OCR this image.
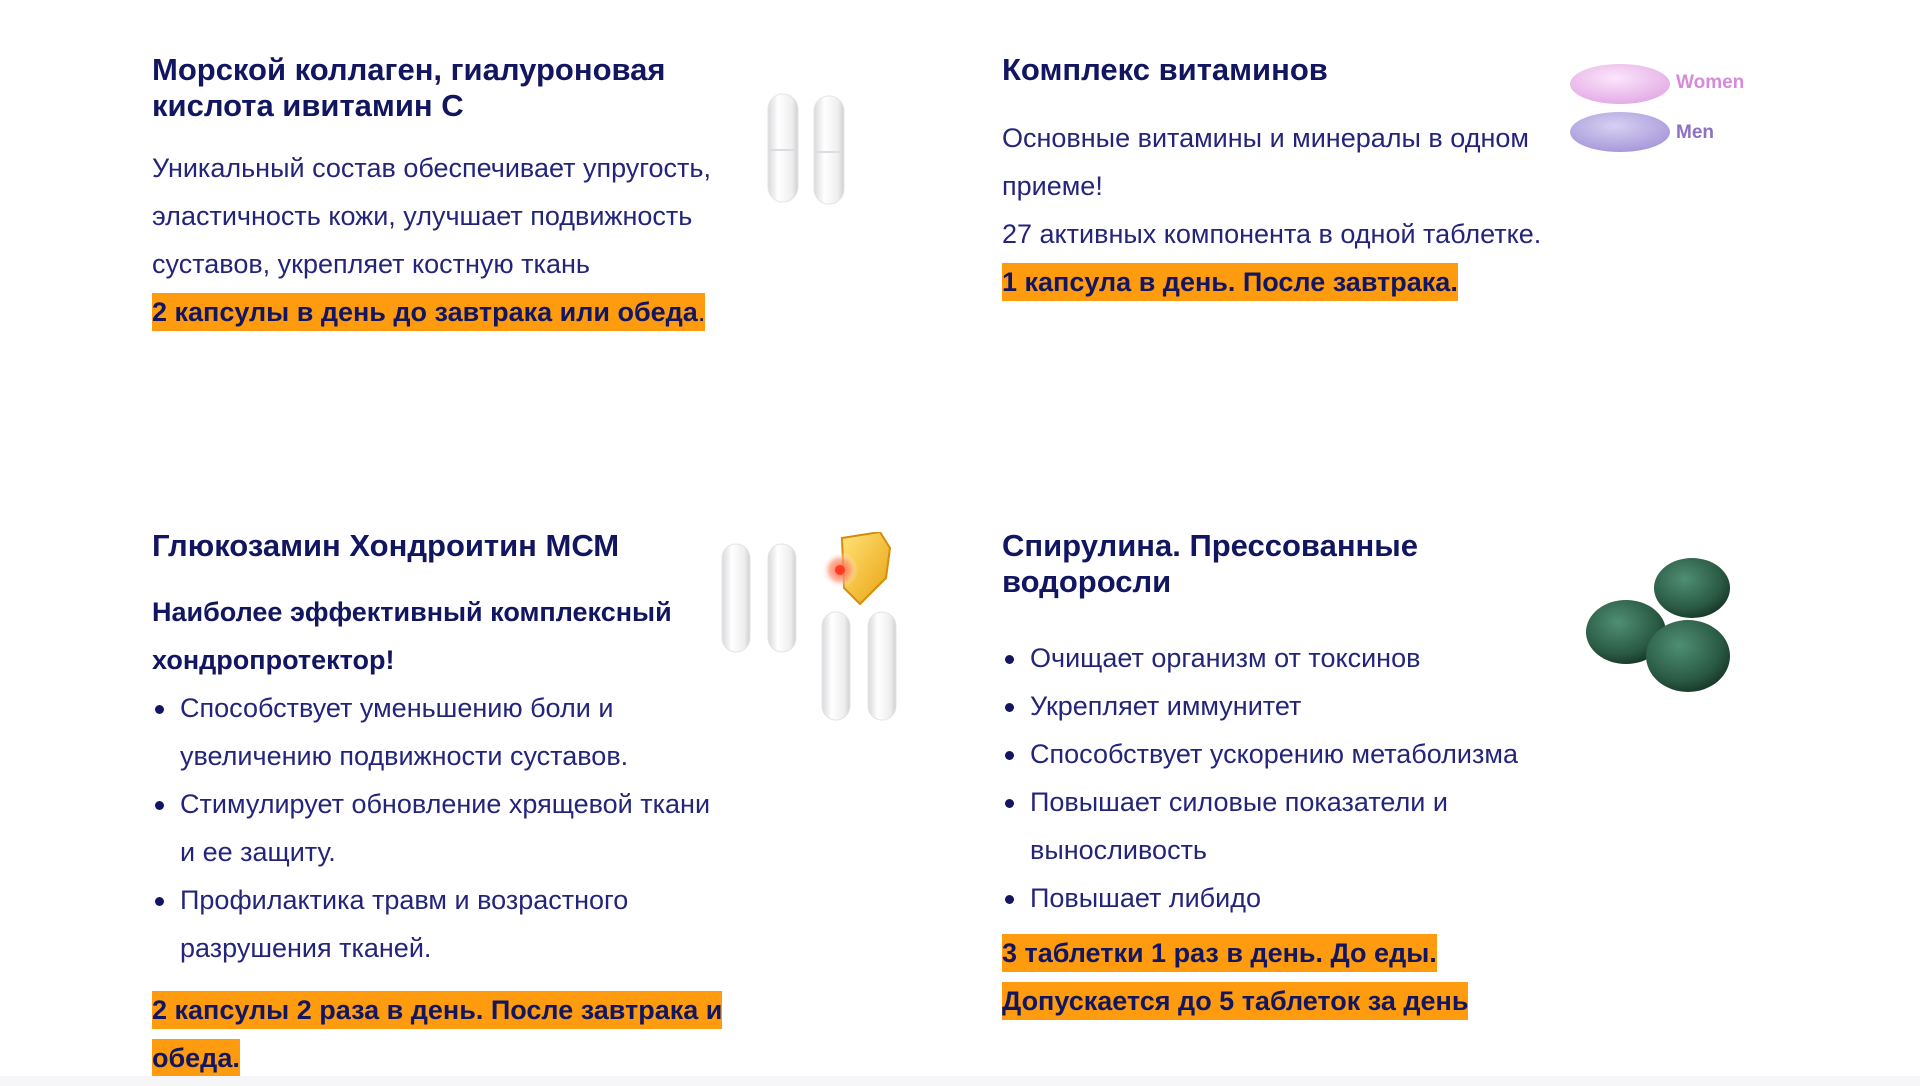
Морской коллаген, гиалуроновая кислота ивитамин С

Уникальный состав обеспечивает упругость, эластичность кожи, улучшает подвижность суставов, укрепляет костную ткань

2 капсулы в день до завтрака или обеда.
Комплекс витаминов

Основные витамины и минералы в одном приеме!

27 активных компонента в одной таблетке.

1 капсула в день. После завтрака.
Women
Men
Глюкозамин Хондроитин МСМ

Наиболее эффективный комплексный хондропротектор!

Способствует уменьшению боли и увеличению подвижности суставов.
Стимулирует обновление хрящевой ткани и ее защиту.
Профилактика травм и возрастного разрушения тканей.
2 капсулы 2 раза в день. После завтрака и обеда.
Спирулина. Прессованные водоросли
Очищает организм от токсинов
Укрепляет иммунитет
Способствует ускорению метаболизма
Повышает силовые показатели и выносливость
Повышает либидо
3 таблетки 1 раз в день. До еды.
Допускается до 5 таблеток за день
